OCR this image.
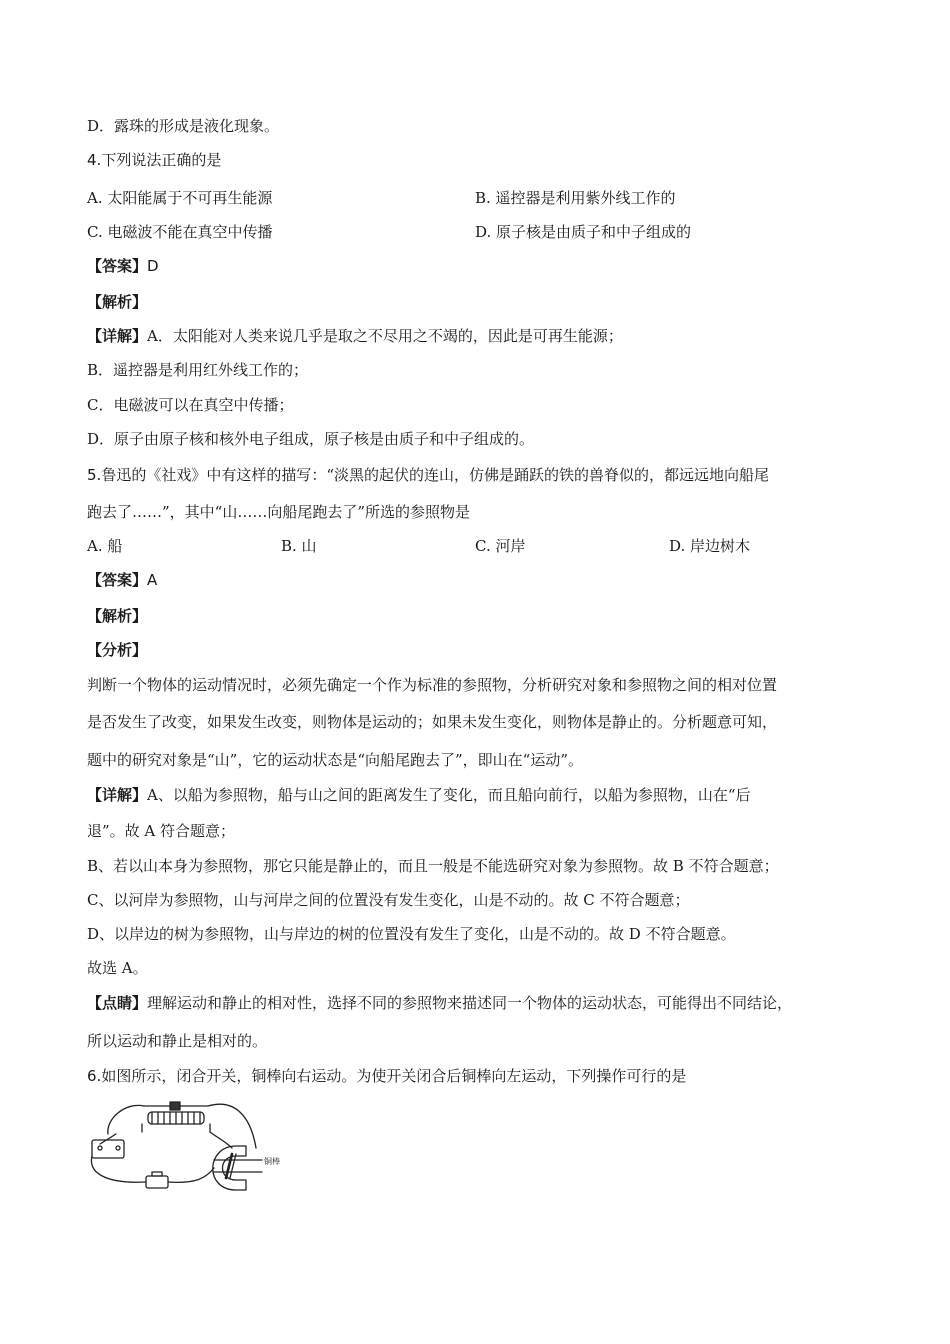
D．露珠的形成是液化现象。
4.下列说法正确的是
A. 太阳能属于不可再生能源	B. 遥控器是利用紫外线工作的
C. 电磁波不能在真空中传播	D. 原子核是由质子和中子组成的
【答案】D
【解析】
【详解】A．太阳能对人类来说几乎是取之不尽用之不竭的，因此是可再生能源；
B．遥控器是利用红外线工作的；
C．电磁波可以在真空中传播；
D．原子由原子核和核外电子组成，原子核是由质子和中子组成的。
5.鲁迅的《社戏》中有这样的描写：“淡黑的起伏的连山，仿佛是踊跃的铁的兽脊似的，都远远地向船尾
跑去了……”，其中“山……向船尾跑去了”所选的参照物是
A. 船	B. 山	C. 河岸	D. 岸边树木
【答案】A
【解析】
【分析】
判断一个物体的运动情况时，必须先确定一个作为标准的参照物，分析研究对象和参照物之间的相对位置
是否发生了改变，如果发生改变，则物体是运动的；如果未发生变化，则物体是静止的。分析题意可知，
题中的研究对象是“山”，它的运动状态是“向船尾跑去了”，即山在“运动”。
【详解】A、以船为参照物，船与山之间的距离发生了变化，而且船向前行，以船为参照物，山在“后
退”。故 A 符合题意；
B、若以山本身为参照物，那它只能是静止的，而且一般是不能选研究对象为参照物。故 B 不符合题意；
C、以河岸为参照物，山与河岸之间的位置没有发生变化，山是不动的。故 C 不符合题意；
D、以岸边的树为参照物，山与岸边的树的位置没有发生了变化，山是不动的。故 D 不符合题意。
故选 A。
【点睛】理解运动和静止的相对性，选择不同的参照物来描述同一个物体的运动状态，可能得出不同结论，
所以运动和静止是相对的。
6.如图所示，闭合开关，铜棒向右运动。为使开关闭合后铜棒向左运动，下列操作可行的是
铜棒
